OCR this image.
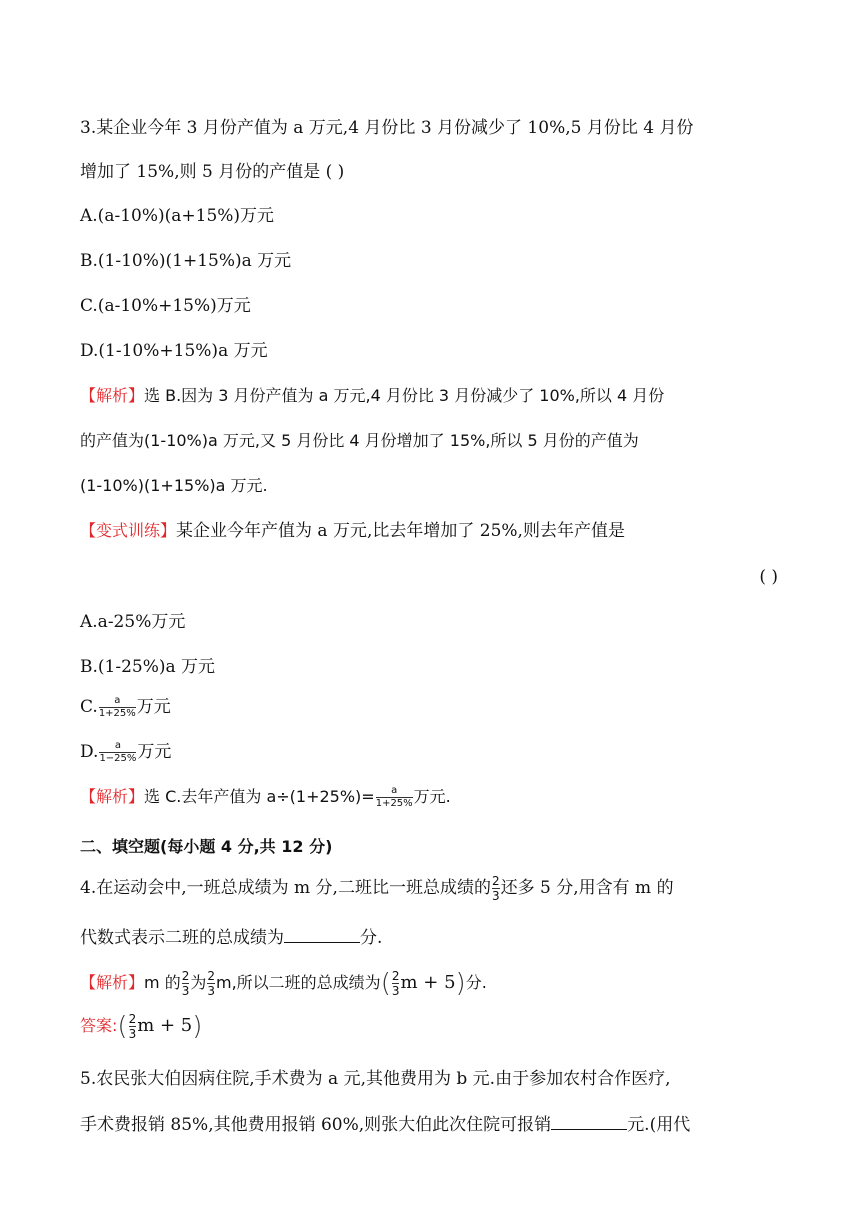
3.某企业今年 3 月份产值为 a 万元,4 月份比 3 月份减少了 10%,5 月份比 4 月份
增加了 15%,则 5 月份的产值是 ( )
A.(a-10%)(a+15%)万元
B.(1-10%)(1+15%)a 万元
C.(a-10%+15%)万元
D.(1-10%+15%)a 万元
【解析】选 B.因为 3 月份产值为 a 万元,4 月份比 3 月份减少了 10%,所以 4 月份
的产值为(1-10%)a 万元,又 5 月份比 4 月份增加了 15%,所以 5 月份的产值为
(1-10%)(1+15%)a 万元.
【变式训练】某企业今年产值为 a 万元,比去年增加了 25%,则去年产值是
( )
A.a-25%万元
B.(1-25%)a 万元
C. $\frac{a}{1+25\%}$ 万元
D. $\frac{a}{1-25\%}$ 万元
【解析】选 C.去年产值为 $a\div(1+25\%)= \frac{a}{1+25\%}$ 万元.
二、填空题(每小题 4 分,共 12 分)
4.在运动会中,一班总成绩为 m 分,二班比一班总成绩的 $\frac{2}{3}$ 还多 5 分,用含有 m 的
代数式表示二班的总成绩为	分.
【解析】m 的 $\frac{2}{3}$ 为 $\frac{2}{3} m$,所以二班的总成绩为( $\frac{2}{3}$ m + 5)分.
答案:( $\frac{2}{3}$ m + 5)
5.农民张大伯因病住院,手术费为 a 元,其他费用为 b 元.由于参加农村合作医疗,
手术费报销 85%,其他费用报销 60%,则张大伯此次住院可报销	元.(用代
